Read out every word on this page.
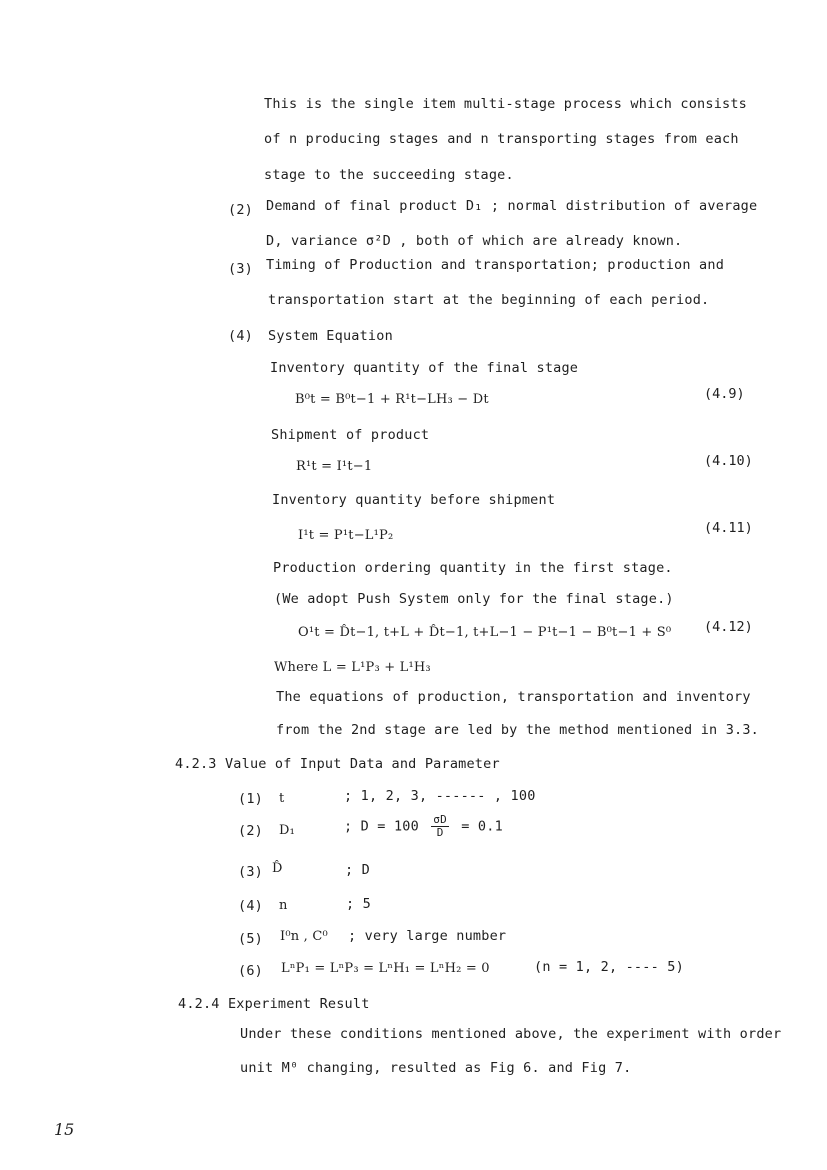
This is the single item multi-stage process which consists
of n producing stages and n transporting stages from each
stage to the succeeding stage.
(2) Demand of final product D₁ ; normal distribution of average
D, variance σ²D , both of which are already known.
(3) Timing of Production and transportation; production and
transportation start at the beginning of each period.
(4) System Equation
Inventory quantity of the final stage
B⁰t = B⁰t−1 + R¹t−LH₃ − Dt	(4.9)
Shipment of product
R¹t = I¹t−1	(4.10)
Inventory quantity before shipment
I¹t = P¹t−L¹P₂	(4.11)
Production ordering quantity in the first stage.
(We adopt Push System only for the final stage.)
O¹t = D̂t−1, t+L + D̂t−1, t+L−1 − P¹t−1 − B⁰t−1 + S⁰ (4.12)
Where L = L¹P₃ + L¹H₃
The equations of production, transportation and inventory
from the 2nd stage are led by the method mentioned in 3.3.
4.2.3 Value of Input Data and Parameter
(1) t	; 1, 2, 3, ------ , 100
(2) D₁	; $D = 100 \frac{\sigma D}{D} = 0.1$
(3) D̂	; D
(4) n	; 5
(5) I⁰n , C⁰ ; very large number
(6) LⁿP₁ = LⁿP₃ = LⁿH₁ = LⁿH₂ = 0	(n = 1, 2, ---- 5)
4.2.4 Experiment Result
Under these conditions mentioned above, the experiment with order
unit M⁰ changing, resulted as Fig 6. and Fig 7.
15
